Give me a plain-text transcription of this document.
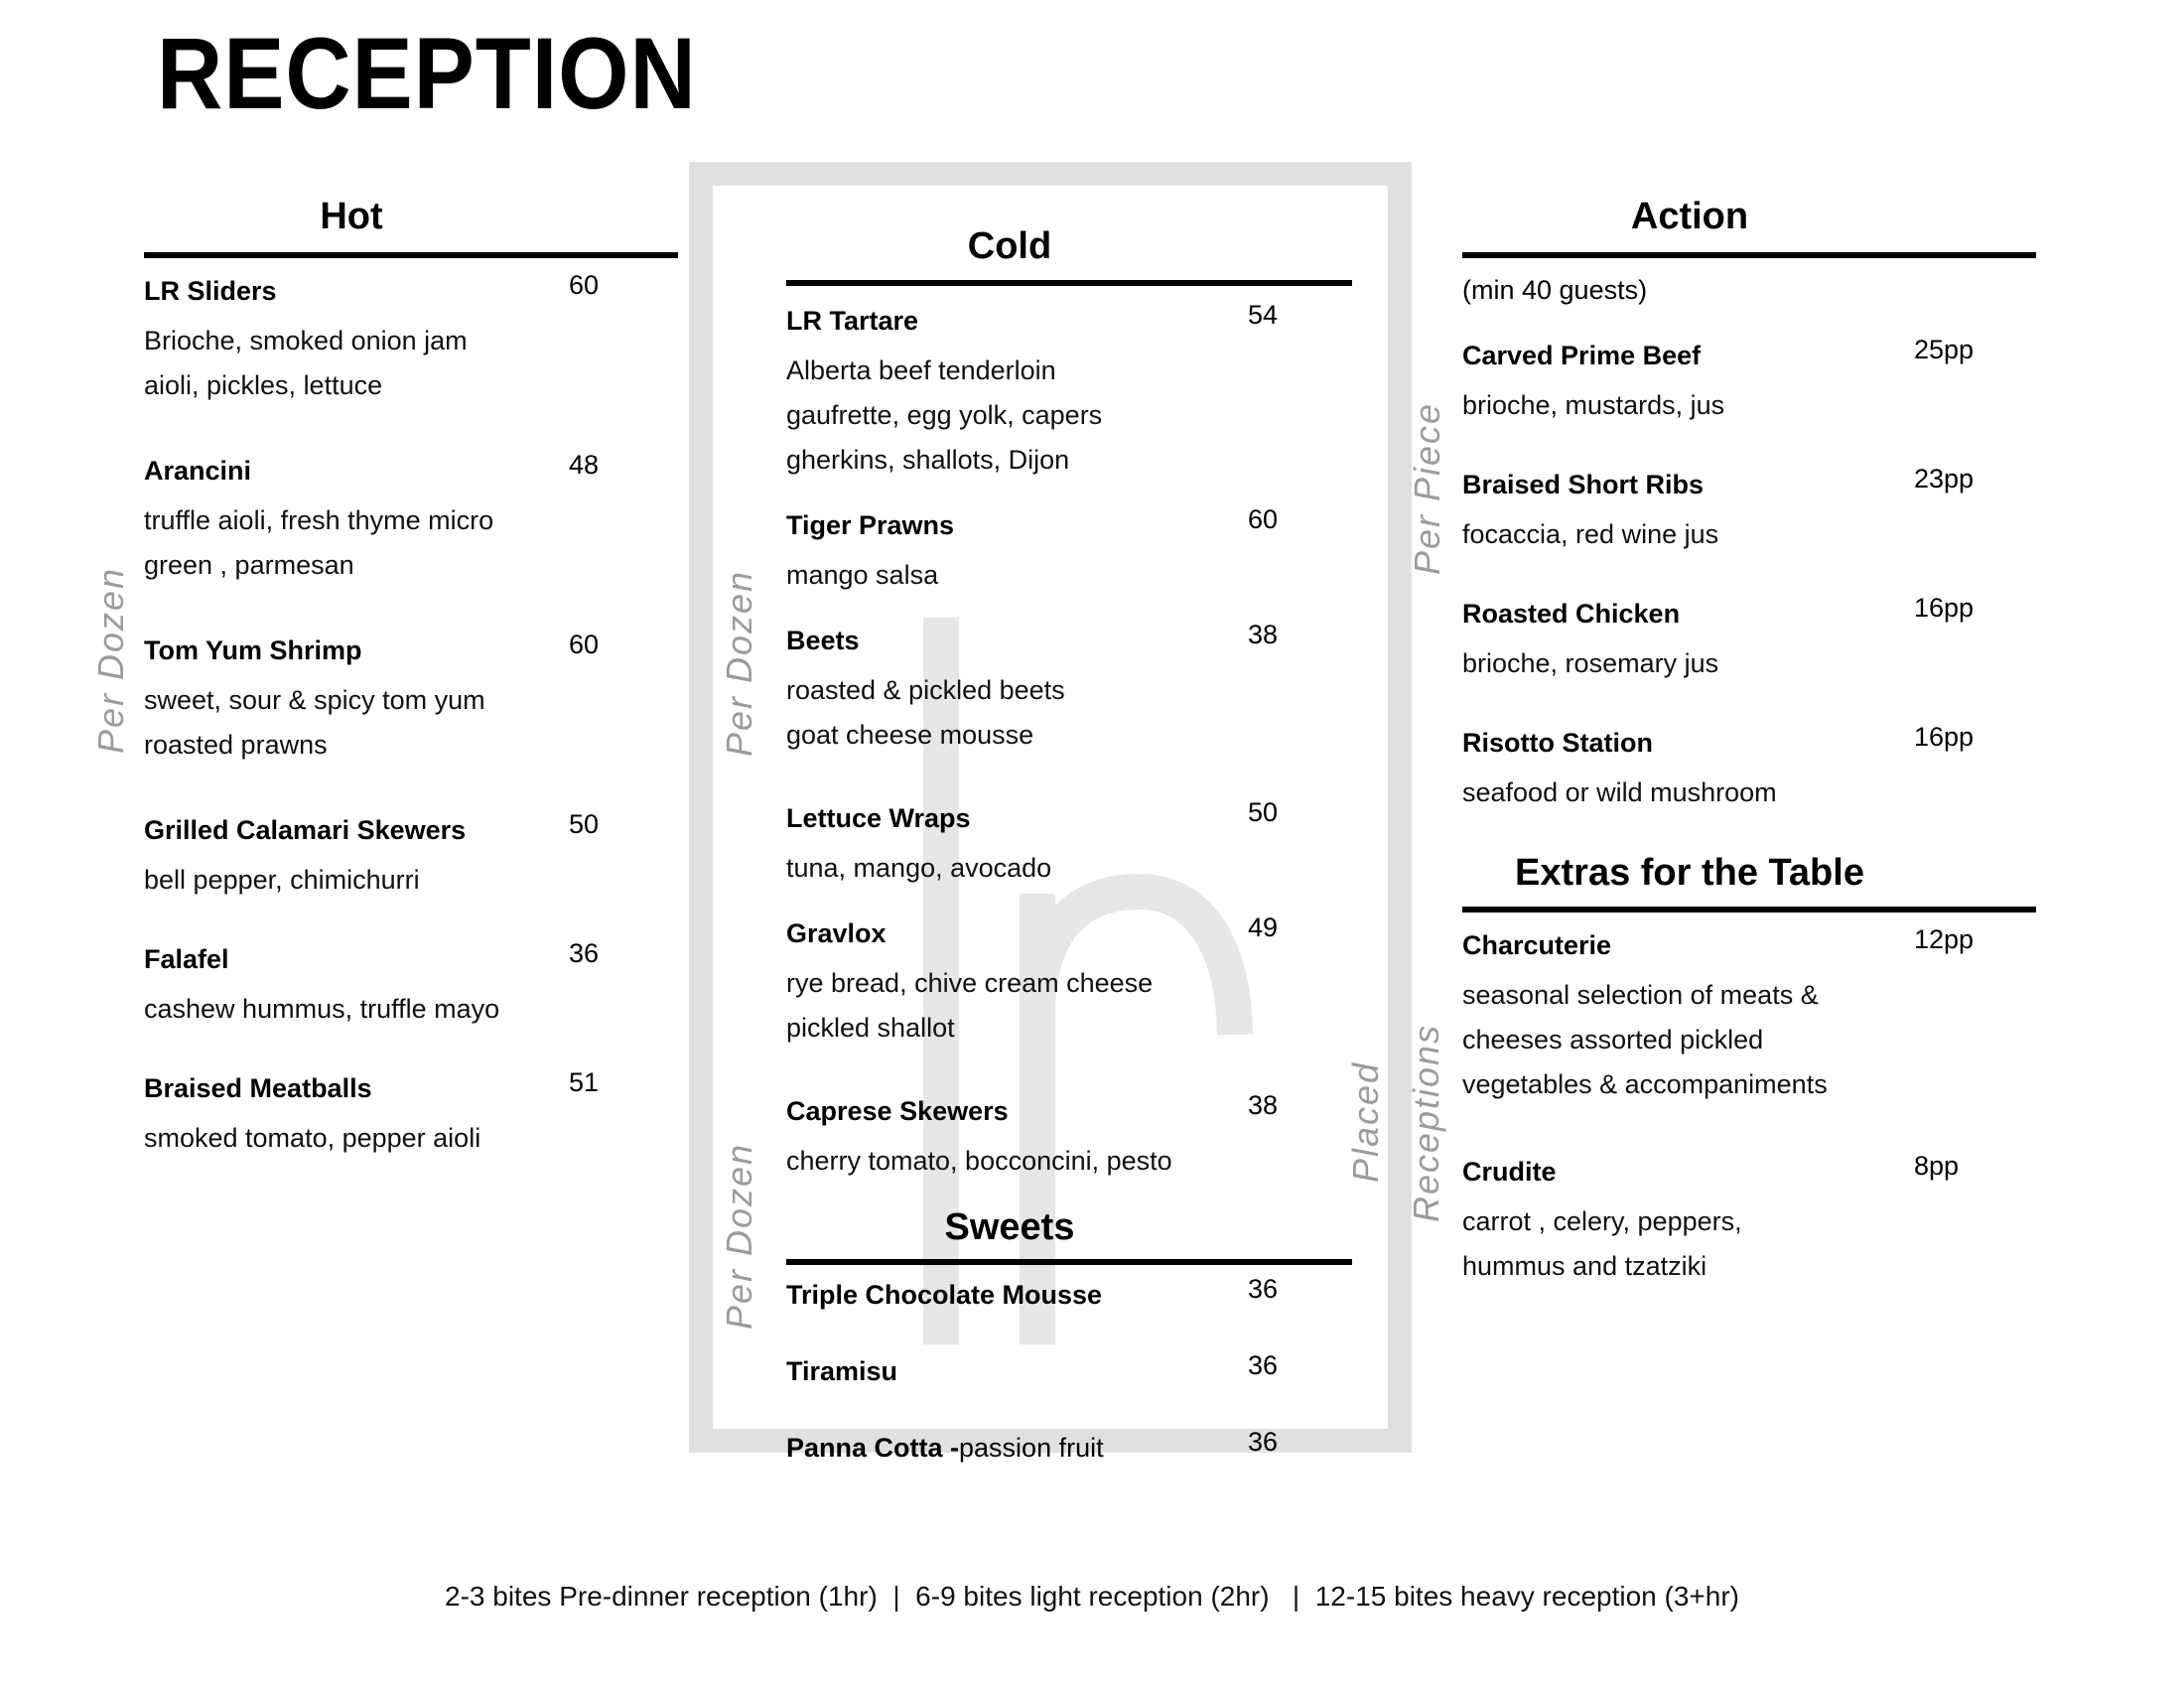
RECEPTION
Per Dozen	Per Dozen
Per Dozen
Per Piece
Placed Receptions
Hot
LR Sliders	60
Brioche, smoked onion jam
aioli, pickles, lettuce
Arancini	48
truffle aioli, fresh thyme micro
green , parmesan
Tom Yum Shrimp	60
sweet, sour & spicy tom yum
roasted prawns
Grilled Calamari Skewers	50
bell pepper, chimichurri
Falafel	36
cashew hummus, truffle mayo
Braised Meatballs	51
smoked tomato, pepper aioli
Cold
LR Tartare	54
Alberta beef tenderloin
gaufrette, egg yolk, capers
gherkins, shallots, Dijon
Tiger Prawns	60
mango salsa
Beets	38
roasted & pickled beets
goat cheese mousse
Lettuce Wraps	50
tuna, mango, avocado
Gravlox	49
rye bread, chive cream cheese
pickled shallot
Caprese Skewers	38
cherry tomato, bocconcini, pesto
Sweets
Triple Chocolate Mousse	36
Tiramisu	36
Panna Cotta -passion fruit	36
Action
(min 40 guests)
Carved Prime Beef	25pp
brioche, mustards, jus
Braised Short Ribs	23pp
focaccia, red wine jus
Roasted Chicken	16pp
brioche, rosemary jus
Risotto Station	16pp
seafood or wild mushroom
Extras for the Table
Charcuterie	12pp
seasonal selection of meats &
cheeses assorted pickled
vegetables & accompaniments
Crudite	8pp
carrot , celery, peppers,
hummus and tzatziki
2-3 bites Pre-dinner reception (1hr)  |  6-9 bites light reception (2hr)   |  12-15 bites heavy reception (3+hr)
